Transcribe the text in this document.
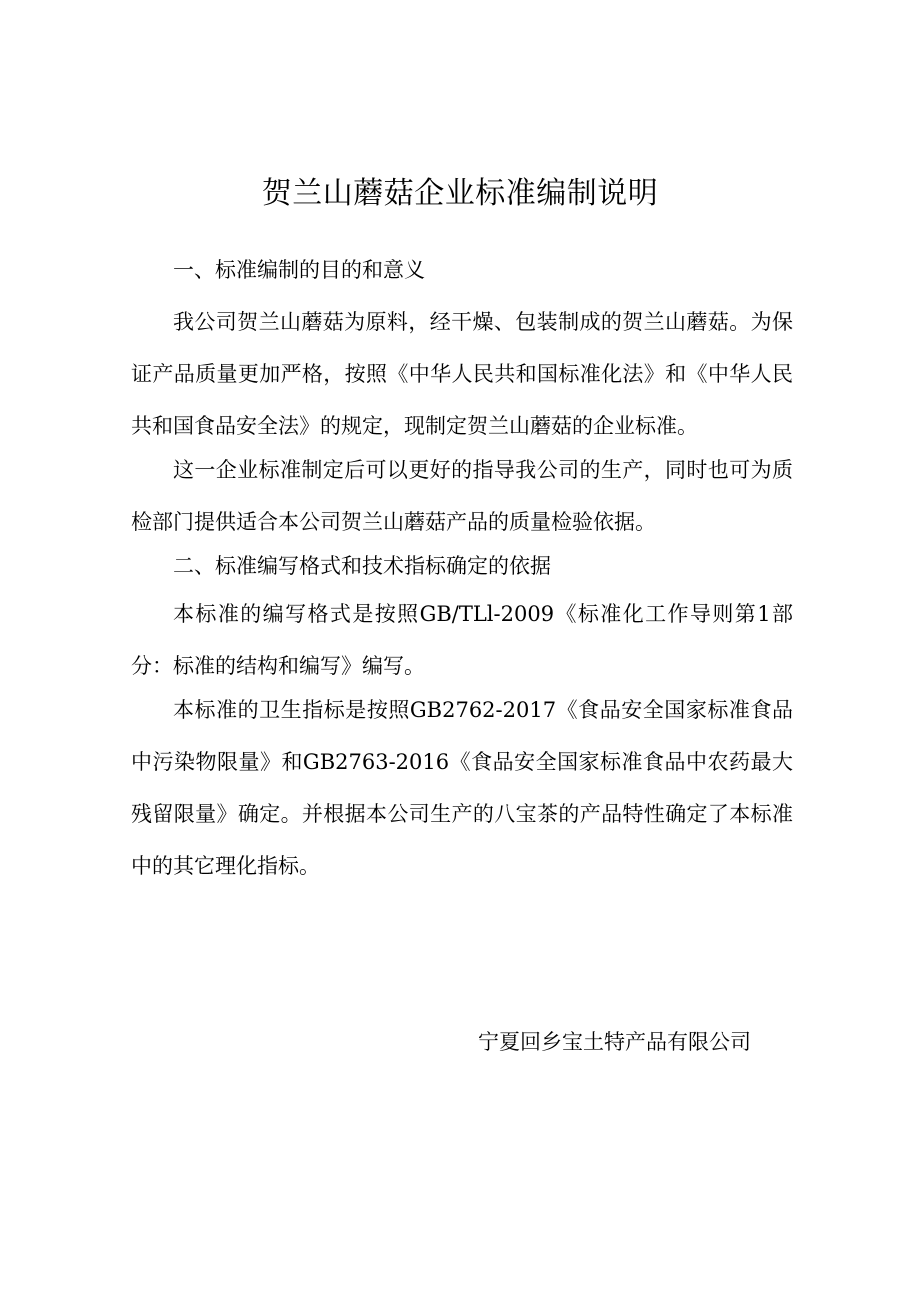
贺兰山蘑菇企业标准编制说明

一、标准编制的目的和意义

我公司贺兰山蘑菇为原料，经干燥、包装制成的贺兰山蘑菇。为保证产品质量更加严格，按照《中华人民共和国标准化法》和《中华人民共和国食品安全法》的规定，现制定贺兰山蘑菇的企业标准。

这一企业标准制定后可以更好的指导我公司的生产，同时也可为质检部门提供适合本公司贺兰山蘑菇产品的质量检验依据。

二、标准编写格式和技术指标确定的依据

本标准的编写格式是按照GB/TLl-2009《标准化工作导则第1部分：标准的结构和编写》编写。

本标准的卫生指标是按照GB2762-2017《食品安全国家标准食品中污染物限量》和GB2763-2016《食品安全国家标准食品中农药最大残留限量》确定。并根据本公司生产的八宝茶的产品特性确定了本标准中的其它理化指标。

宁夏回乡宝土特产品有限公司
